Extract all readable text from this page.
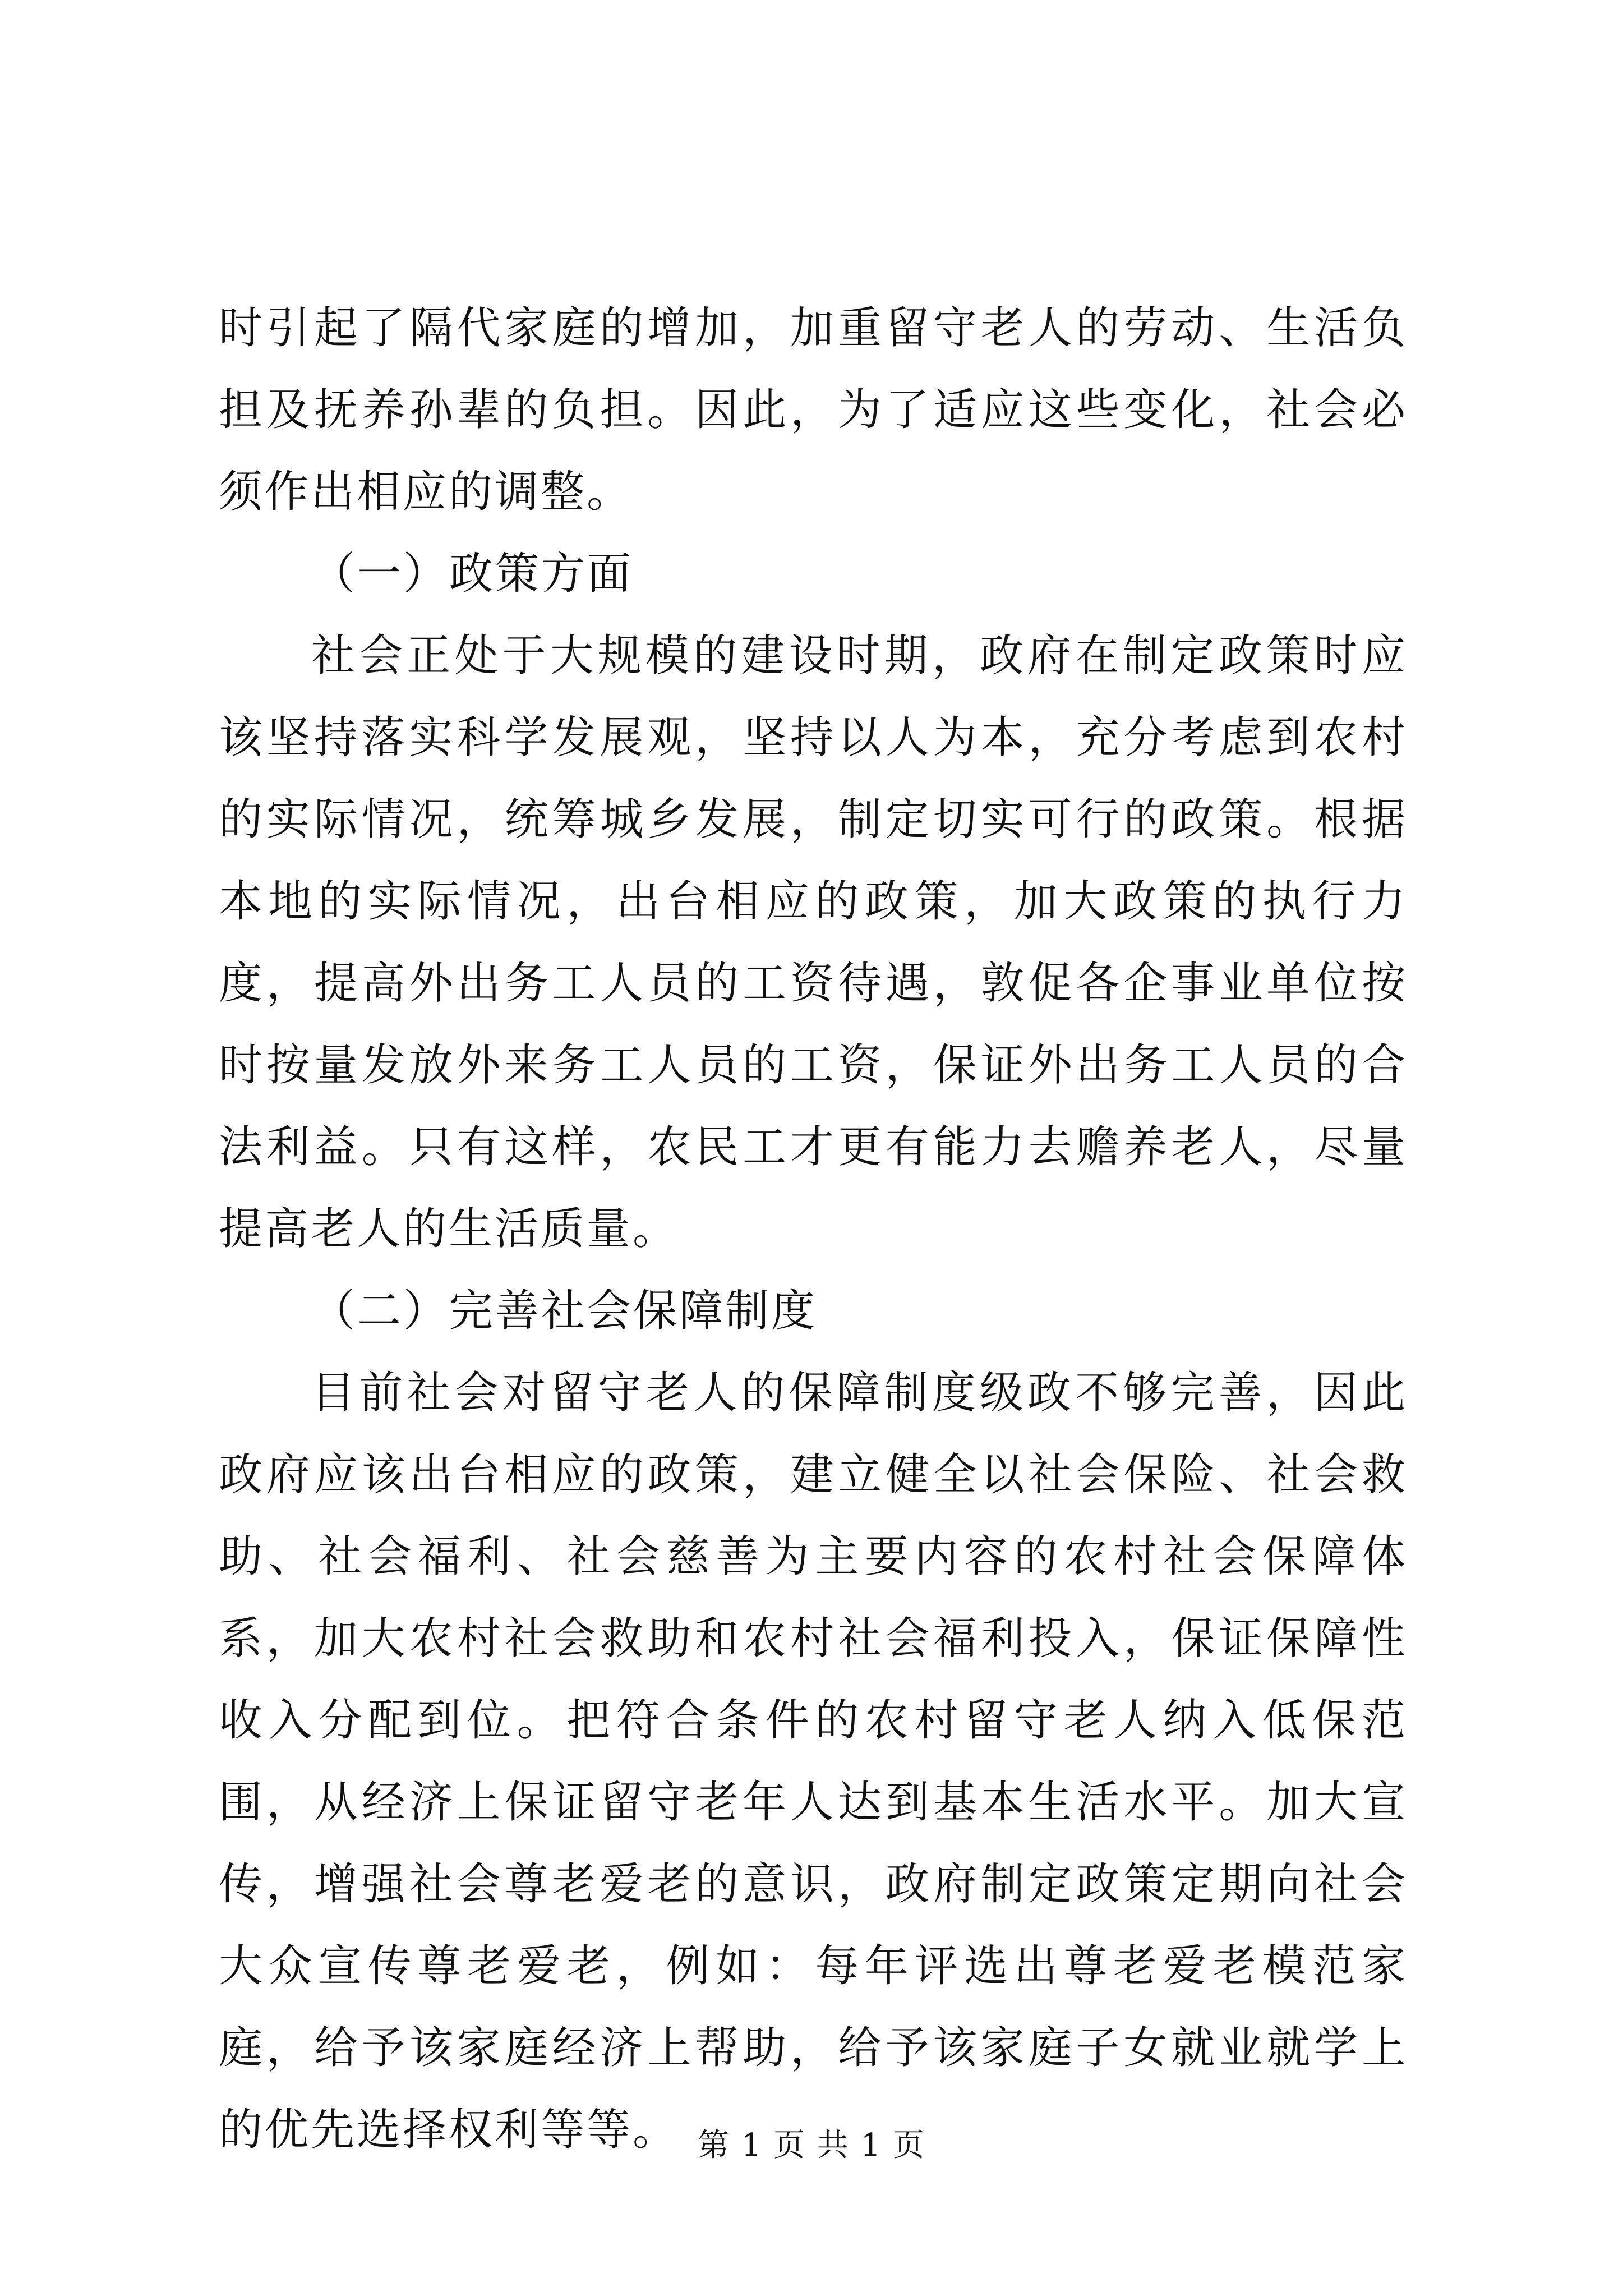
时引起了隔代家庭的增加，加重留守老人的劳动、生活负担及抚养孙辈的负担。因此，为了适应这些变化，社会必须作出相应的调整。

（一）政策方面

社会正处于大规模的建设时期，政府在制定政策时应该坚持落实科学发展观，坚持以人为本，充分考虑到农村的实际情况，统筹城乡发展，制定切实可行的政策。根据本地的实际情况，出台相应的政策，加大政策的执行力度，提高外出务工人员的工资待遇，敦促各企事业单位按时按量发放外来务工人员的工资，保证外出务工人员的合法利益。只有这样，农民工才更有能力去赡养老人，尽量提高老人的生活质量。

（二）完善社会保障制度

目前社会对留守老人的保障制度级政不够完善，因此政府应该出台相应的政策，建立健全以社会保险、社会救助、社会福利、社会慈善为主要内容的农村社会保障体系，加大农村社会救助和农村社会福利投入，保证保障性收入分配到位。把符合条件的农村留守老人纳入低保范围，从经济上保证留守老年人达到基本生活水平。加大宣传，增强社会尊老爱老的意识，政府制定政策定期向社会大众宣传尊老爱老，例如：每年评选出尊老爱老模范家庭，给予该家庭经济上帮助，给予该家庭子女就业就学上的优先选择权利等等。 第 1 页 共 1 页
